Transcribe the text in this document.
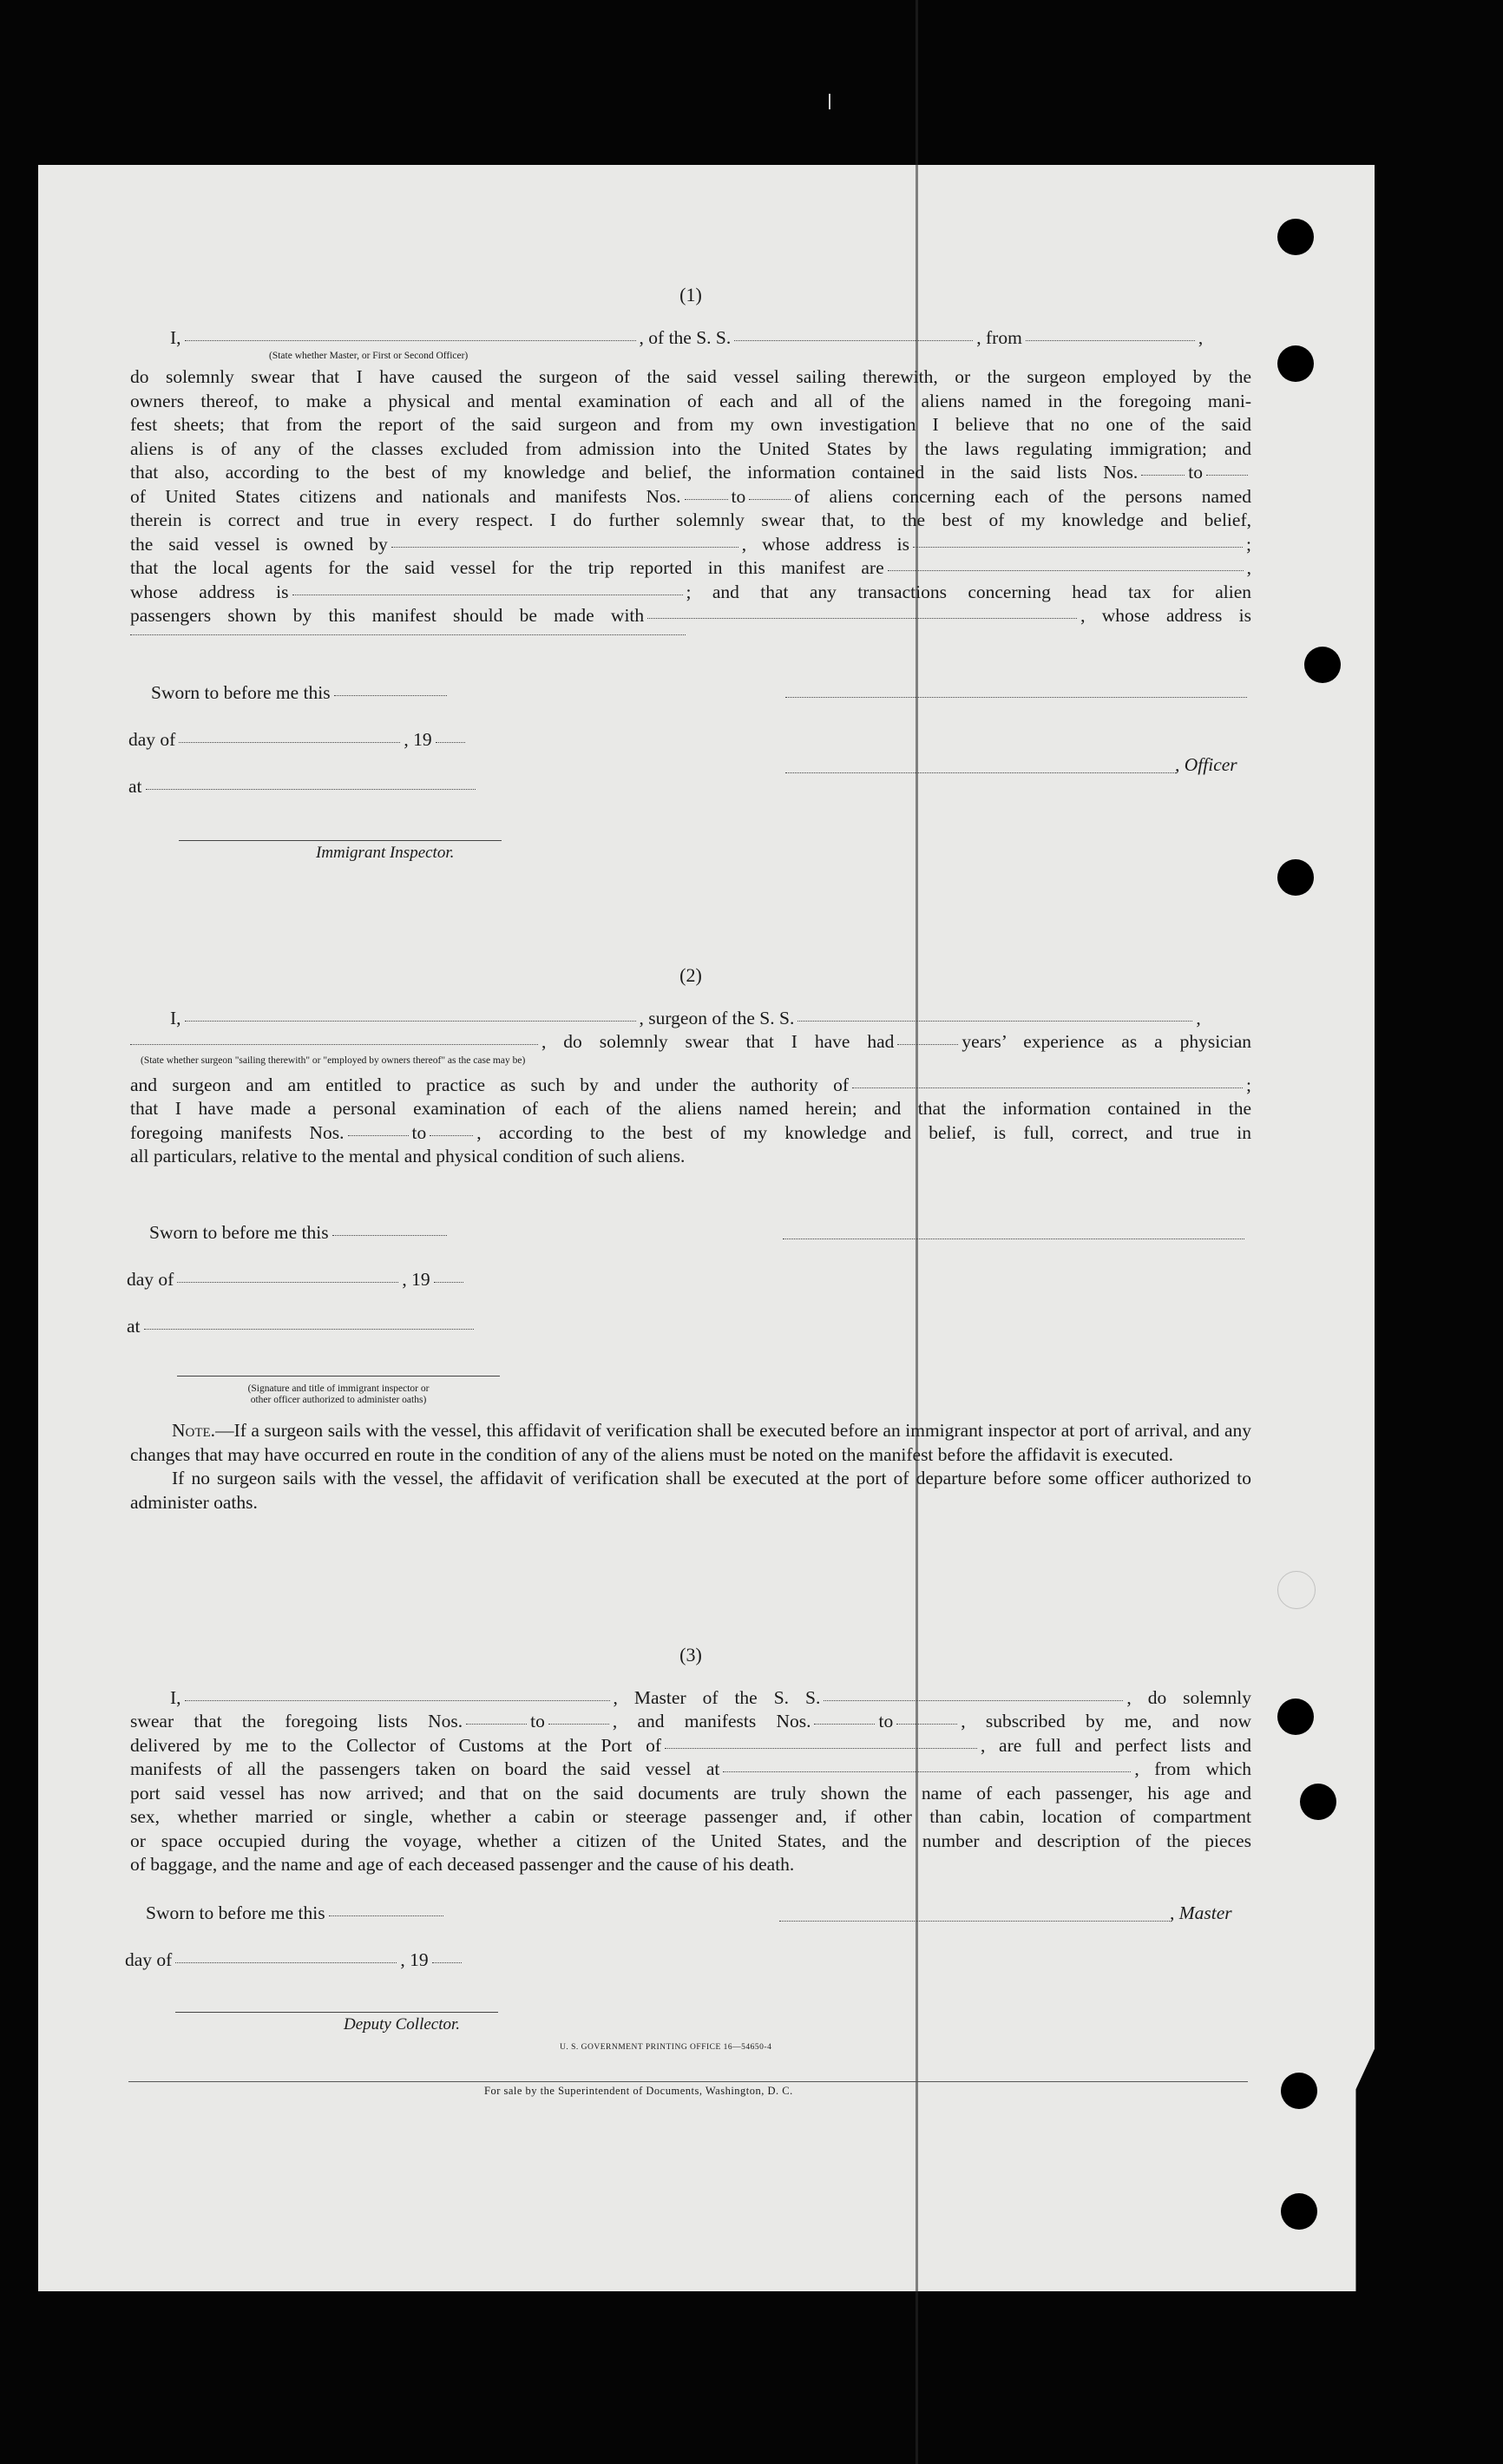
(1)

I,	, of the S. S.	, from	,

(State whether Master, or First or Second Officer)

do solemnly swear that I have caused the surgeon of the said vessel sailing therewith, or the surgeon employed by the

owners thereof, to make a physical and mental examination of each and all of the aliens named in the foregoing mani-

fest sheets; that from the report of the said surgeon and from my own investigation I believe that no one of the said

aliens is of any of the classes excluded from admission into the United States by the laws regulating immigration; and

that also, according to the best of my knowledge and belief, the information contained in the said lists Nos.	to

of United States citizens and nationals and manifests Nos.	to	of aliens concerning each of the persons named

therein is correct and true in every respect. I do further solemnly swear that, to the best of my knowledge and belief,

the said vessel is owned by	, whose address is	;

that the local agents for the said vessel for the trip reported in this manifest are	,

whose address is	; and that any transactions concerning head tax for alien

passengers shown by this manifest should be made with	, whose address is

Sworn to before me this
day of	, 19
at
Immigrant Inspector.
, Officer

(2)

I,	, surgeon of the S. S.	,

, do solemnly swear that I have had	years’ experience as a physician

(State whether surgeon "sailing therewith" or "employed by owners thereof" as the case may be)

and surgeon and am entitled to practice as such by and under the authority of	;

that I have made a personal examination of each of the aliens named herein; and that the information contained in the

foregoing manifests Nos.	to	, according to the best of my knowledge and belief, is full, correct, and true in

all particulars, relative to the mental and physical condition of such aliens.

Sworn to before me this
day of	, 19
at
(Signature and title of immigrant inspector or
other officer authorized to administer oaths)

Note.—If a surgeon sails with the vessel, this affidavit of verification shall be executed before an immigrant inspector at port of arrival, and any changes that may have occurred en route in the condition of any of the aliens must be noted on the manifest before the affidavit is executed.

If no surgeon sails with the vessel, the affidavit of verification shall be executed at the port of departure before some officer authorized to administer oaths.

(3)

I,	, Master of the S. S.	, do solemnly

swear that the foregoing lists Nos.	to	, and manifests Nos.	to	, subscribed by me, and now

delivered by me to the Collector of Customs at the Port of	, are full and perfect lists and

manifests of all the passengers taken on board the said vessel at	, from which

port said vessel has now arrived; and that on the said documents are truly shown the name of each passenger, his age and

sex, whether married or single, whether a cabin or steerage passenger and, if other than cabin, location of compartment

or space occupied during the voyage, whether a citizen of the United States, and the number and description of the pieces

of baggage, and the name and age of each deceased passenger and the cause of his death.

Sworn to before me this
day of	, 19
, Master
Deputy Collector.
U. S. GOVERNMENT PRINTING OFFICE 16—54650-4
For sale by the Superintendent of Documents, Washington, D. C.
